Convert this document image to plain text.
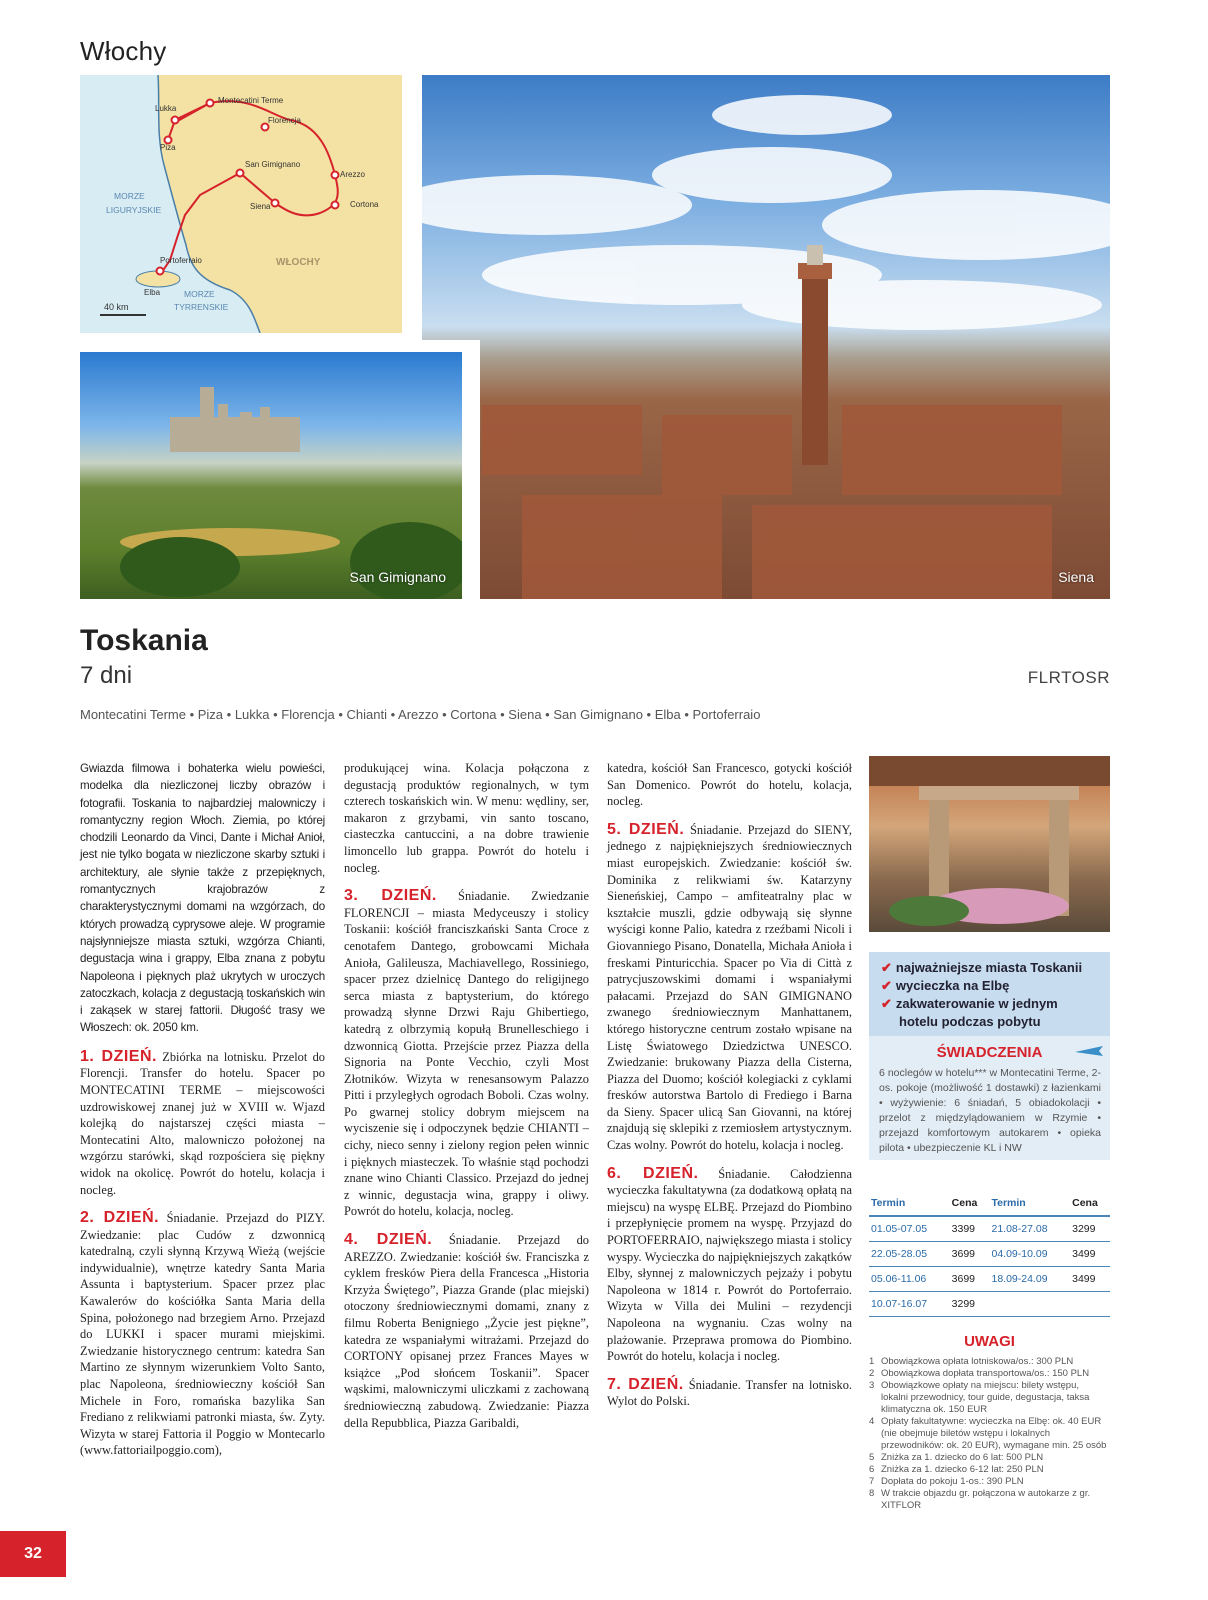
Włochy
Montecatini Terme
Lukka
Florencja
Piza
San Gimignano
Arezzo
Siena	Cortona
Portoferraio
Elba
MORZE
LIGURYJSKIE
MORZE
TYRRENSKIE
WŁOCHY
40 km
Siena
San Gimignano
Toskania
7 dni	FLRTOSR
Montecatini Terme • Piza • Lukka • Florencja • Chianti • Arezzo • Cortona • Siena • San Gimignano • Elba • Portoferraio

Gwiazda filmowa i bohaterka wielu powieści, modelka dla niezliczonej liczby obrazów i fotografii. Toskania to najbardziej malowniczy i romantyczny region Włoch. Ziemia, po której chodzili Leonardo da Vinci, Dante i Michał Anioł, jest nie tylko bogata w niezliczone skarby sztuki i architektury, ale słynie także z przepięknych, romantycznych krajobrazów z charakterystycznymi domami na wzgórzach, do których prowadzą cyprysowe aleje. W programie najsłynniejsze miasta sztuki, wzgórza Chianti, degustacja wina i grappy, Elba znana z pobytu Napoleona i pięknych plaż ukrytych w uroczych zatoczkach, kolacja z degustacją toskańskich win i zakąsek w starej fattorii. Długość trasy we Włoszech: ok. 2050 km.

1. DZIEŃ. Zbiórka na lotnisku. Przelot do Florencji. Transfer do hotelu. Spacer po MONTECATINI TERME – miejscowości uzdrowiskowej znanej już w XVIII w. Wjazd kolejką do najstarszej części miasta – Montecatini Alto, malowniczo położonej na wzgórzu starówki, skąd rozpościera się piękny widok na okolicę. Powrót do hotelu, kolacja i nocleg.

2. DZIEŃ. Śniadanie. Przejazd do PIZY. Zwiedzanie: plac Cudów z dzwonnicą katedralną, czyli słynną Krzywą Wieżą (wejście indywidualnie), wnętrze katedry Santa Maria Assunta i baptysterium. Spacer przez plac Kawalerów do kościółka Santa Maria della Spina, położonego nad brzegiem Arno. Przejazd do LUKKI i spacer murami miejskimi. Zwiedzanie historycznego centrum: katedra San Martino ze słynnym wizerunkiem Volto Santo, plac Napoleona, średniowieczny kościół San Michele in Foro, romańska bazylika San Frediano z relikwiami patronki miasta, św. Zyty. Wizyta w starej Fattoria il Poggio w Montecarlo (www.fattoriailpoggio.com),

produkującej wina. Kolacja połączona z degustacją produktów regionalnych, w tym czterech toskańskich win. W menu: wędliny, ser, makaron z grzybami, vin santo toscano, ciasteczka cantuccini, a na dobre trawienie limoncello lub grappa. Powrót do hotelu i nocleg.

3. DZIEŃ. Śniadanie. Zwiedzanie FLORENCJI – miasta Medyceuszy i stolicy Toskanii: kościół franciszkański Santa Croce z cenotafem Dantego, grobowcami Michała Anioła, Galileusza, Machiavellego, Rossiniego, spacer przez dzielnicę Dantego do religijnego serca miasta z baptysterium, do którego prowadzą słynne Drzwi Raju Ghibertiego, katedrą z olbrzymią kopułą Brunelleschiego i dzwonnicą Giotta. Przejście przez Piazza della Signoria na Ponte Vecchio, czyli Most Złotników. Wizyta w renesansowym Palazzo Pitti i przyległych ogrodach Boboli. Czas wolny. Po gwarnej stolicy dobrym miejscem na wyciszenie się i odpoczynek będzie CHIANTI – cichy, nieco senny i zielony region pełen winnic i pięknych miasteczek. To właśnie stąd pochodzi znane wino Chianti Classico. Przejazd do jednej z winnic, degustacja wina, grappy i oliwy. Powrót do hotelu, kolacja, nocleg.

4. DZIEŃ. Śniadanie. Przejazd do AREZZO. Zwiedzanie: kościół św. Franciszka z cyklem fresków Piera della Francesca „Historia Krzyża Świętego”, Piazza Grande (plac miejski) otoczony średniowiecznymi domami, znany z filmu Roberta Benigniego „Życie jest piękne”, katedra ze wspaniałymi witrażami. Przejazd do CORTONY opisanej przez Frances Mayes w książce „Pod słońcem Toskanii”. Spacer wąskimi, malowniczymi uliczkami z zachowaną średniowieczną zabudową. Zwiedzanie: Piazza della Repubblica, Piazza Garibaldi,

katedra, kościół San Francesco, gotycki kościół San Domenico. Powrót do hotelu, kolacja, nocleg.

5. DZIEŃ. Śniadanie. Przejazd do SIENY, jednego z najpiękniejszych średniowiecznych miast europejskich. Zwiedzanie: kościół św. Dominika z relikwiami św. Katarzyny Sieneńskiej, Campo – amfiteatralny plac w kształcie muszli, gdzie odbywają się słynne wyścigi konne Palio, katedra z rzeźbami Nicoli i Giovanniego Pisano, Donatella, Michała Anioła i freskami Pinturicchia. Spacer po Via di Città z patrycjuszowskimi domami i wspaniałymi pałacami. Przejazd do SAN GIMIGNANO zwanego średniowiecznym Manhattanem, którego historyczne centrum zostało wpisane na Listę Światowego Dziedzictwa UNESCO. Zwiedzanie: brukowany Piazza della Cisterna, Piazza del Duomo; kościół kolegiacki z cyklami fresków autorstwa Bartolo di Frediego i Barna da Sieny. Spacer ulicą San Giovanni, na której znajdują się sklepiki z rzemiosłem artystycznym. Czas wolny. Powrót do hotelu, kolacja i nocleg.

6. DZIEŃ. Śniadanie. Całodzienna wycieczka fakultatywna (za dodatkową opłatą na miejscu) na wyspę ELBĘ. Przejazd do Piombino i przepłynięcie promem na wyspę. Przyjazd do PORTOFERRAIO, największego miasta i stolicy wyspy. Wycieczka do najpiękniejszych zakątków Elby, słynnej z malowniczych pejzaży i pobytu Napoleona w 1814 r. Powrót do Portoferraio. Wizyta w Villa dei Mulini – rezydencji Napoleona na wygnaniu. Czas wolny na plażowanie. Przeprawa promowa do Piombino. Powrót do hotelu, kolacja i nocleg.

7. DZIEŃ. Śniadanie. Transfer na lotnisko. Wylot do Polski.

✔ najważniejsze miasta Toskanii
✔ wycieczka na Elbę
✔ zakwaterowanie w jednym
hotelu podczas pobytu
ŚWIADCZENIA
6 noclegów w hotelu*** w Montecatini Terme, 2-os. pokoje (możliwość 1 dostawki) z łazienkami • wyżywienie: 6 śniadań, 5 obiadokolacji • przelot z międzylądowaniem w Rzymie • przejazd komfortowym autokarem • opieka pilota • ubezpieczenie KL i NW
Termin	Cena	Termin	Cena
01.05-07.05	3399	21.08-27.08	3299
22.05-28.05	3699	04.09-10.09	3499
05.06-11.06	3699	18.09-24.09	3499
10.07-16.07	3299		
UWAGI
1 Obowiązkowa opłata lotniskowa/os.: 300 PLN
2 Obowiązkowa dopłata transportowa/os.: 150 PLN
3 Obowiązkowe opłaty na miejscu: bilety wstępu, lokalni przewodnicy, tour guide, degustacja, taksa klimatyczna ok. 150 EUR
4 Opłaty fakultatywne: wycieczka na Elbę: ok. 40 EUR (nie obejmuje biletów wstępu i lokalnych przewodników: ok. 20 EUR), wymagane min. 25 osób
5 Zniżka za 1. dziecko do 6 lat: 500 PLN
6 Zniżka za 1. dziecko 6-12 lat: 250 PLN
7 Dopłata do pokoju 1-os.: 390 PLN
8 W trakcie objazdu gr. połączona w autokarze z gr. XITFLOR
32
